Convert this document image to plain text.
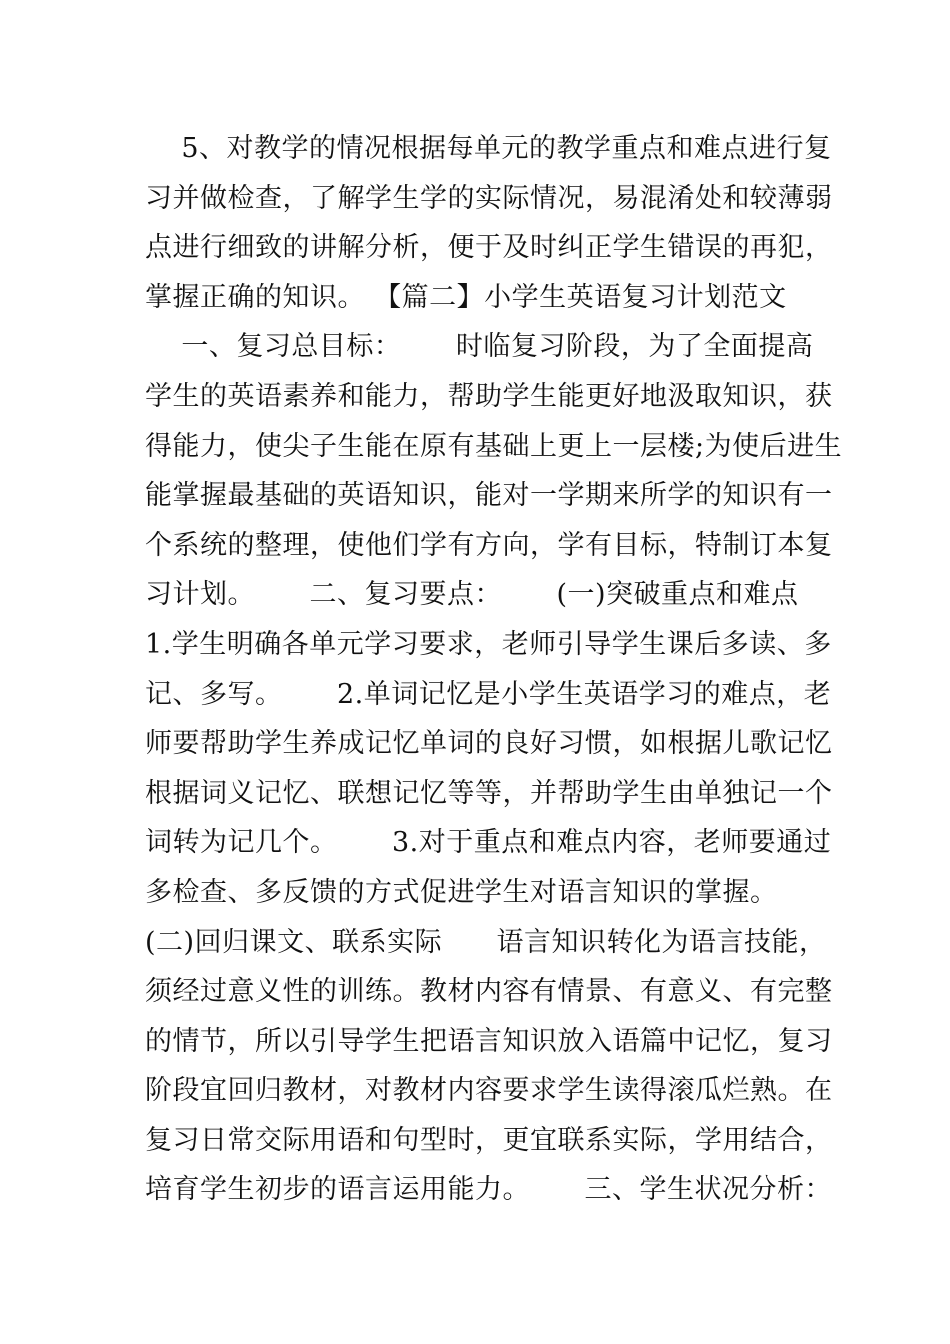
5、对教学的情况根据每单元的教学重点和难点进行复
习并做检查，了解学生学的实际情况，易混淆处和较薄弱
点进行细致的讲解分析，便于及时纠正学生错误的再犯，
掌握正确的知识。 【篇二】小学生英语复习计划范文
一、复习总目标：      时临复习阶段，为了全面提高
学生的英语素养和能力，帮助学生能更好地汲取知识，获
得能力，使尖子生能在原有基础上更上一层楼;为使后进生
能掌握最基础的英语知识，能对一学期来所学的知识有一
个系统的整理，使他们学有方向，学有目标，特制订本复
习计划。      二、复习要点：      (一)突破重点和难点
1.学生明确各单元学习要求，老师引导学生课后多读、多
记、多写。      2.单词记忆是小学生英语学习的难点，老
师要帮助学生养成记忆单词的良好习惯，如根据儿歌记忆
根据词义记忆、联想记忆等等，并帮助学生由单独记一个
词转为记几个。      3.对于重点和难点内容，老师要通过
多检查、多反馈的方式促进学生对语言知识的掌握。
(二)回归课文、联系实际      语言知识转化为语言技能，
须经过意义性的训练。教材内容有情景、有意义、有完整
的情节，所以引导学生把语言知识放入语篇中记忆，复习
阶段宜回归教材，对教材内容要求学生读得滚瓜烂熟。在
复习日常交际用语和句型时，更宜联系实际，学用结合，
培育学生初步的语言运用能力。      三、学生状况分析：
